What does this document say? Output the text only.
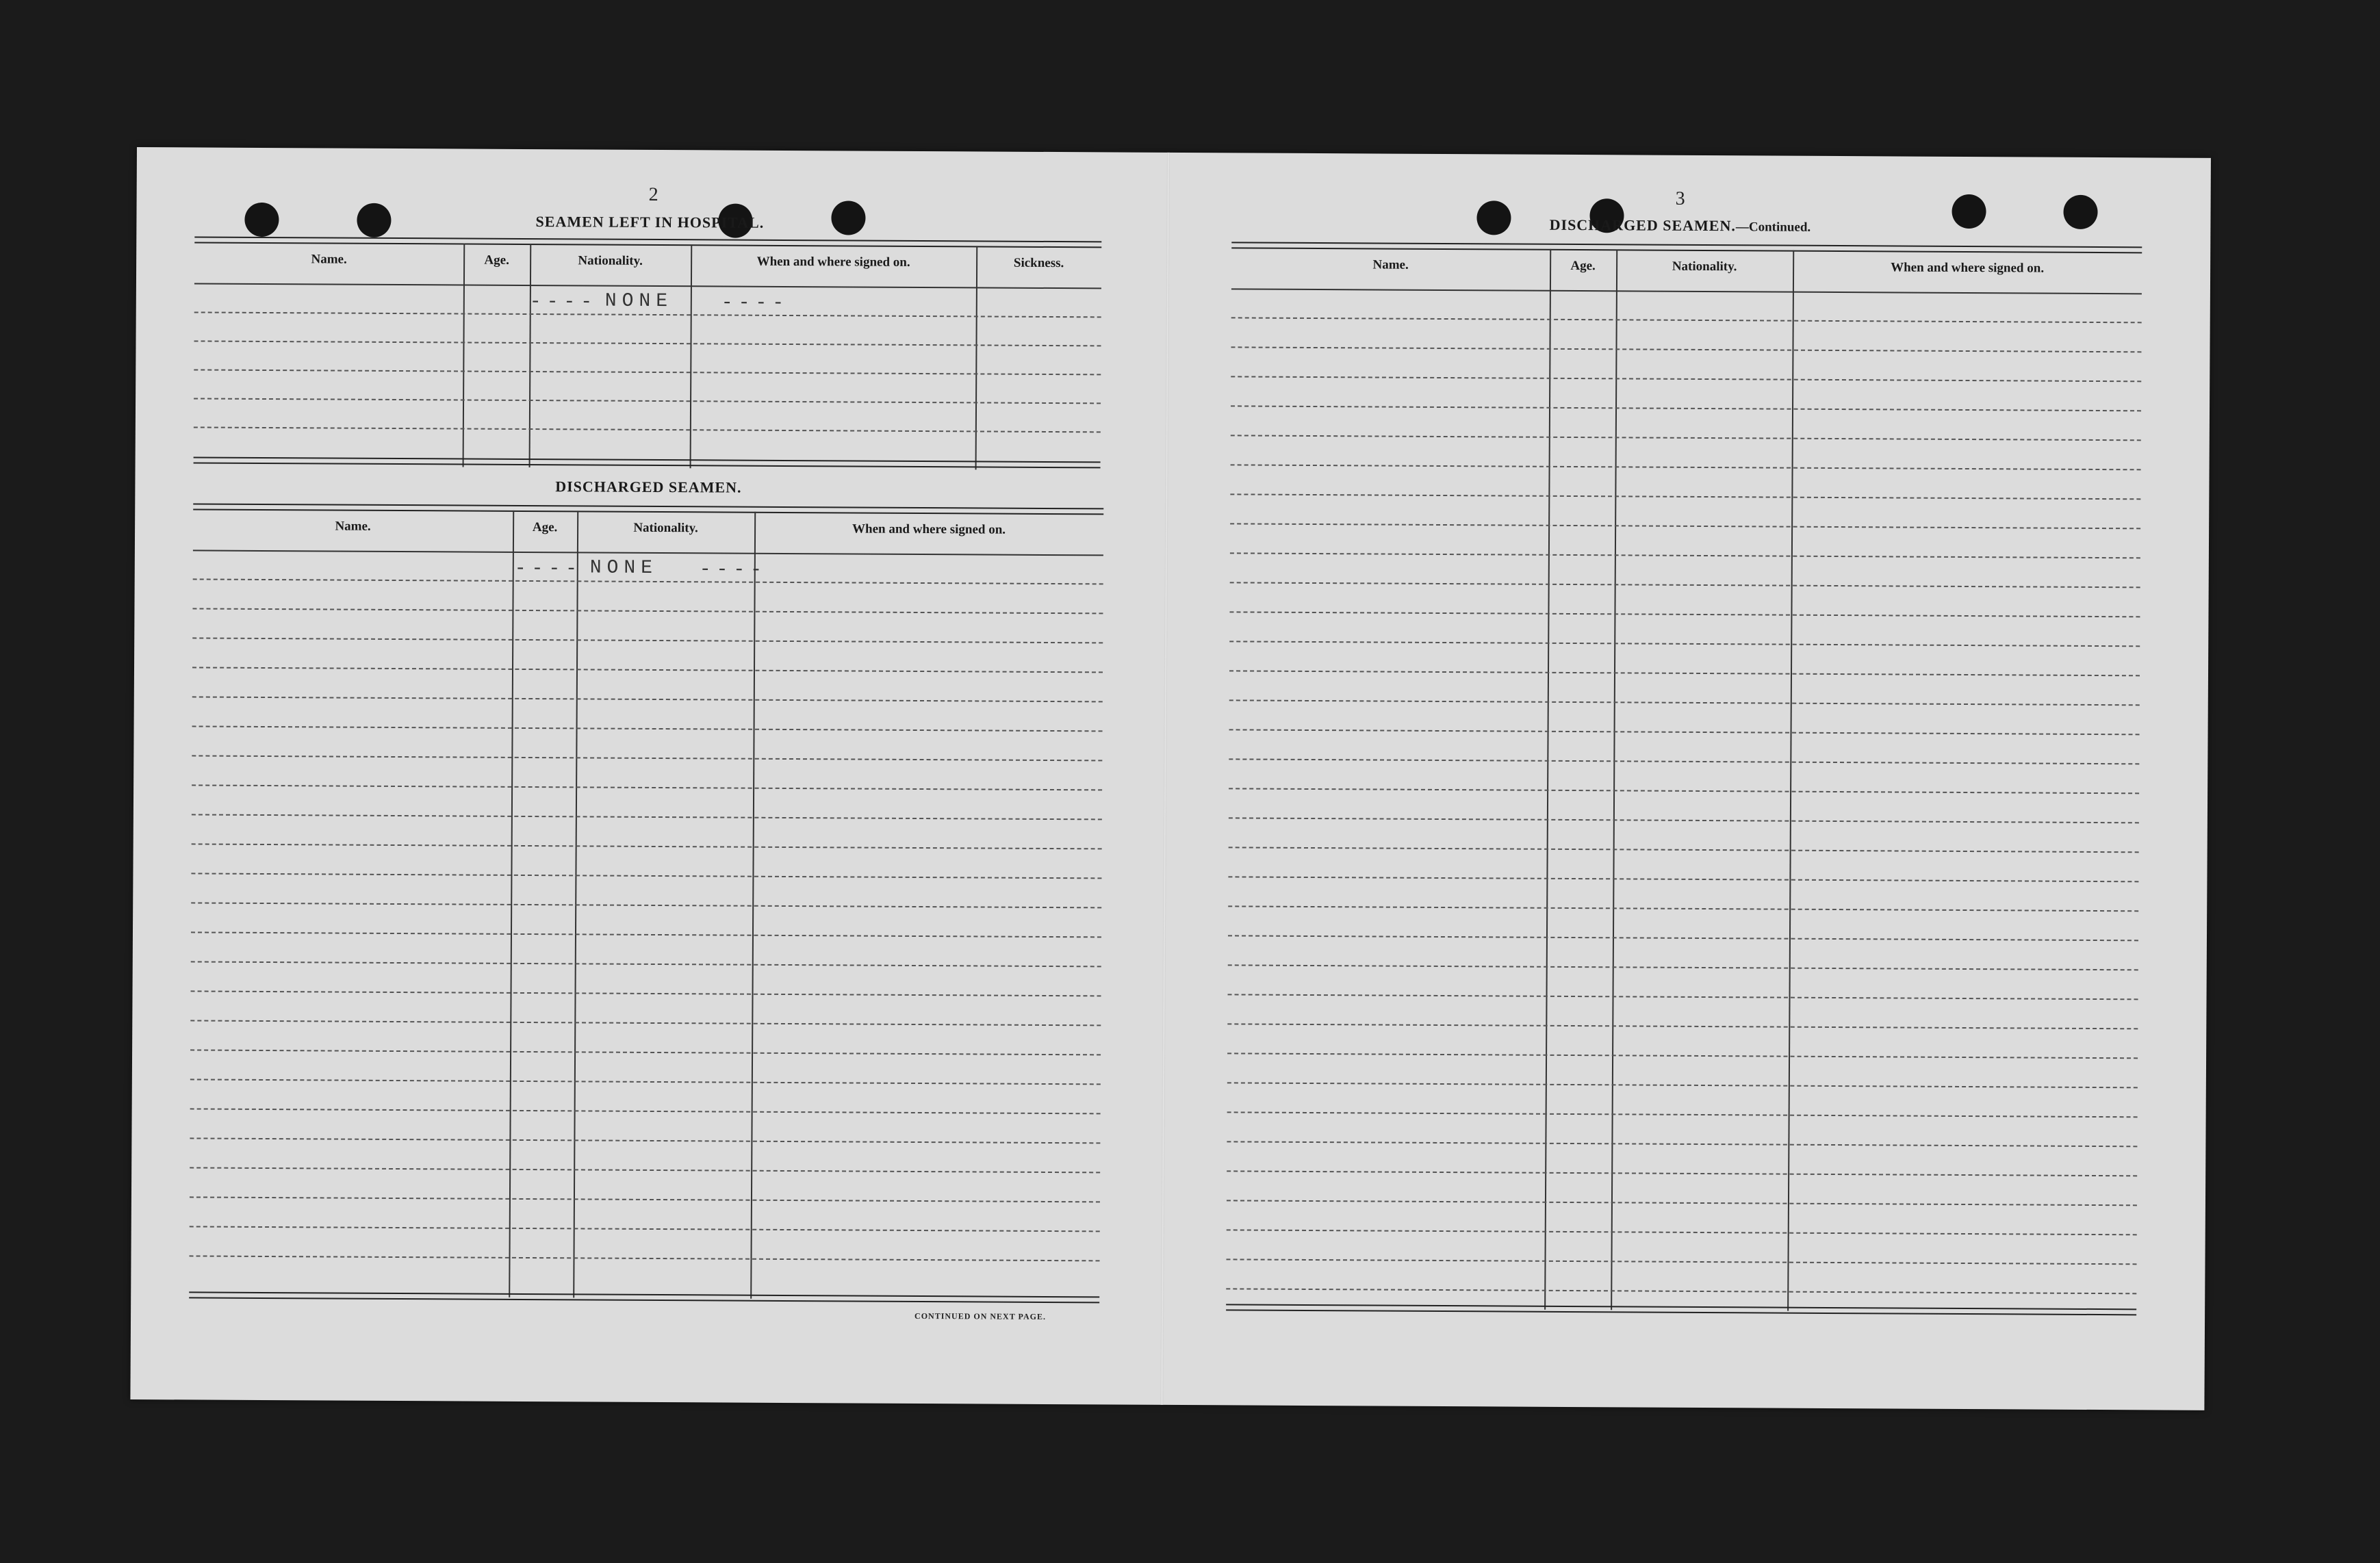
2
SEAMEN LEFT IN HOSPITAL.
Name.	Age.	Nationality.	When and where signed on.	Sickness.
---- NONE	----
DISCHARGED SEAMEN.
Name.	Age.	Nationality.	When and where signed on.
---- NONE ----
CONTINUED ON NEXT PAGE.
3
DISCHARGED SEAMEN.—Continued.
Name.	Age.	Nationality.	When and where signed on.
